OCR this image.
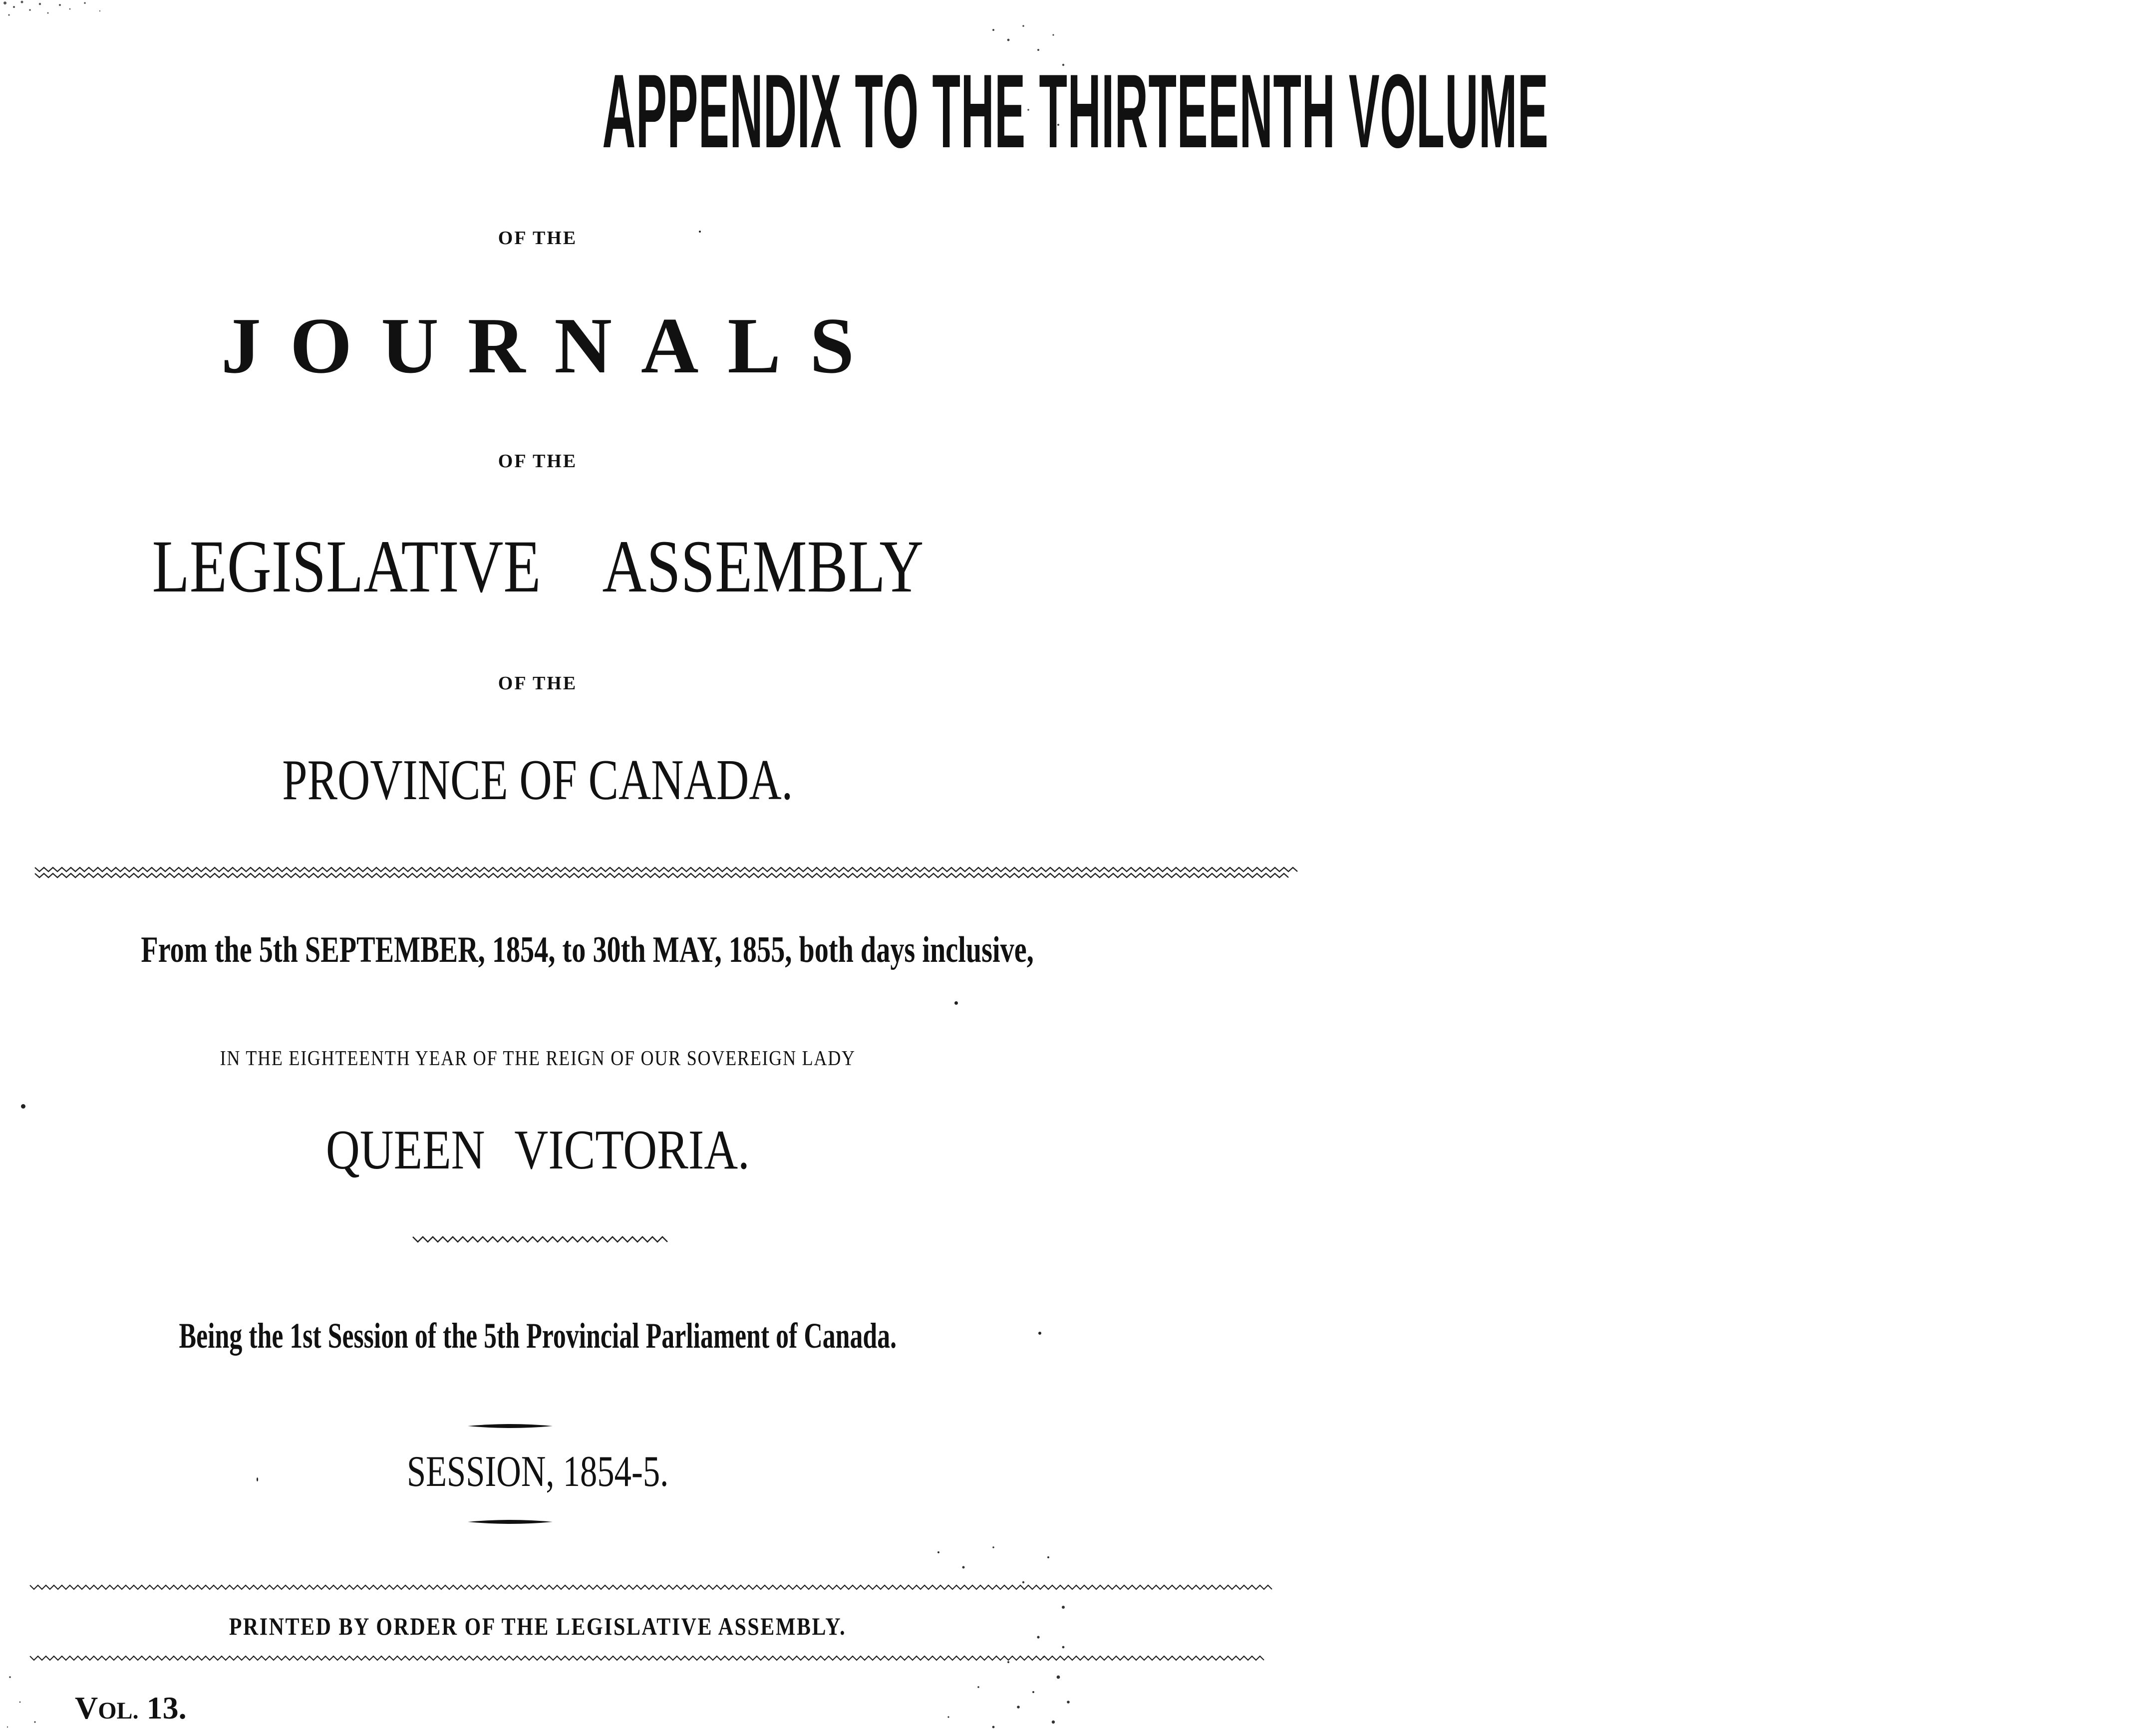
APPENDIX TO THE THIRTEENTH VOLUME
OF THE
JOURNALS
OF THE
LEGISLATIVE ASSEMBLY
OF THE
PROVINCE OF CANADA.
From the 5th SEPTEMBER, 1854, to 30th MAY, 1855, both days inclusive,
IN THE EIGHTEENTH YEAR OF THE REIGN OF OUR SOVEREIGN LADY
QUEEN VICTORIA.
Being the 1st Session of the 5th Provincial Parliament of Canada.
SESSION, 1854-5.
PRINTED BY ORDER OF THE LEGISLATIVE ASSEMBLY.
VOL. 13.
